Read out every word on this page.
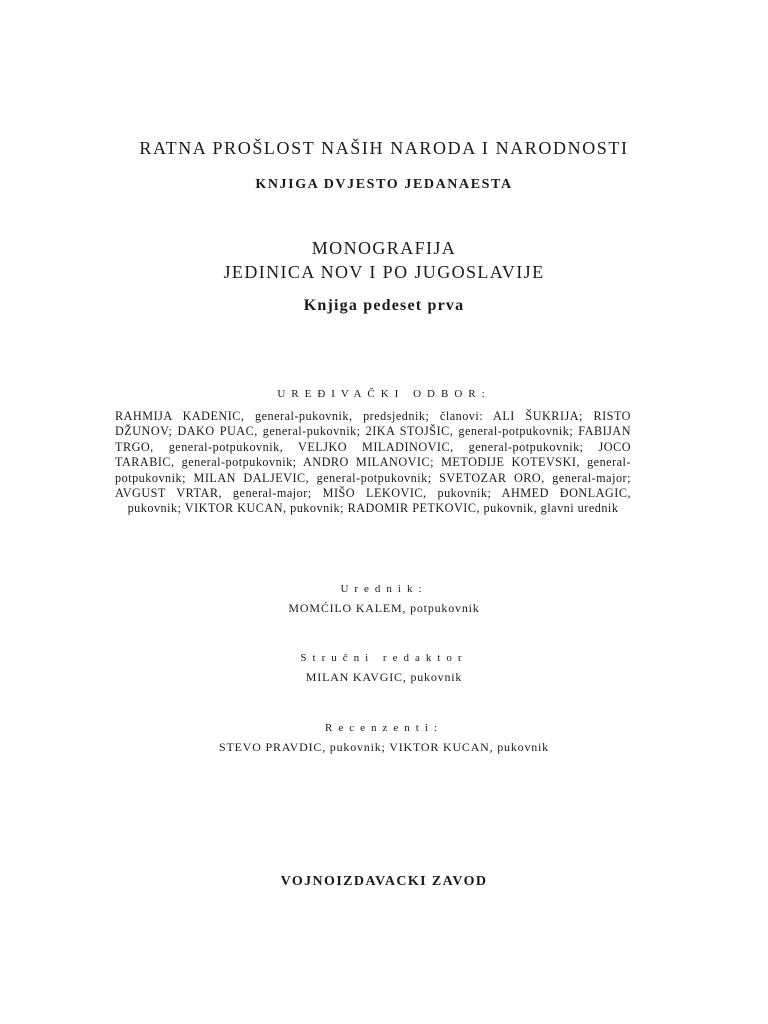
RATNA PROŠLOST NAŠIH NARODA I NARODNOSTI
KNJIGA DVJESTO JEDANAESTA
MONOGRAFIJA
JEDINICA NOV I PO JUGOSLAVIJE
Knjiga pedeset prva
UREĐIVAČKI ODBOR:
RAHMIJA KADENIC, general-pukovnik, predsjednik; članovi: ALI ŠUKRIJA; RISTO DŽUNOV; DAKO PUAC, general-pukovnik; 2IKA STOJŠIC, general-potpukovnik; FABIJAN TRGO, general-potpukovnik, VELJKO MILADINOVIC, general-potpukovnik; JOCO TARABIC, general-potpukovnik; ANDRO MILANOVIC; METODIJE KOTEVSKI, general-potpukovnik; MILAN DALJEVIC, general-potpukovnik; SVETOZAR ORO, general-major; AVGUST VRTAR, general-major; MIŠO LEKOVIC, pukovnik; AHMED ĐONLAGIC, pukovnik; VIKTOR KUCAN, pukovnik; RADOMIR PETKOVIC, pukovnik, glavni urednik
Urednik:
MOMĆILO KALEM, potpukovnik
Stručni redaktor
MILAN KAVGIC, pukovnik
Recenzenti:
STEVO PRAVDIC, pukovnik; VIKTOR KUCAN, pukovnik
VOJNOIZDAVACKI ZAVOD
